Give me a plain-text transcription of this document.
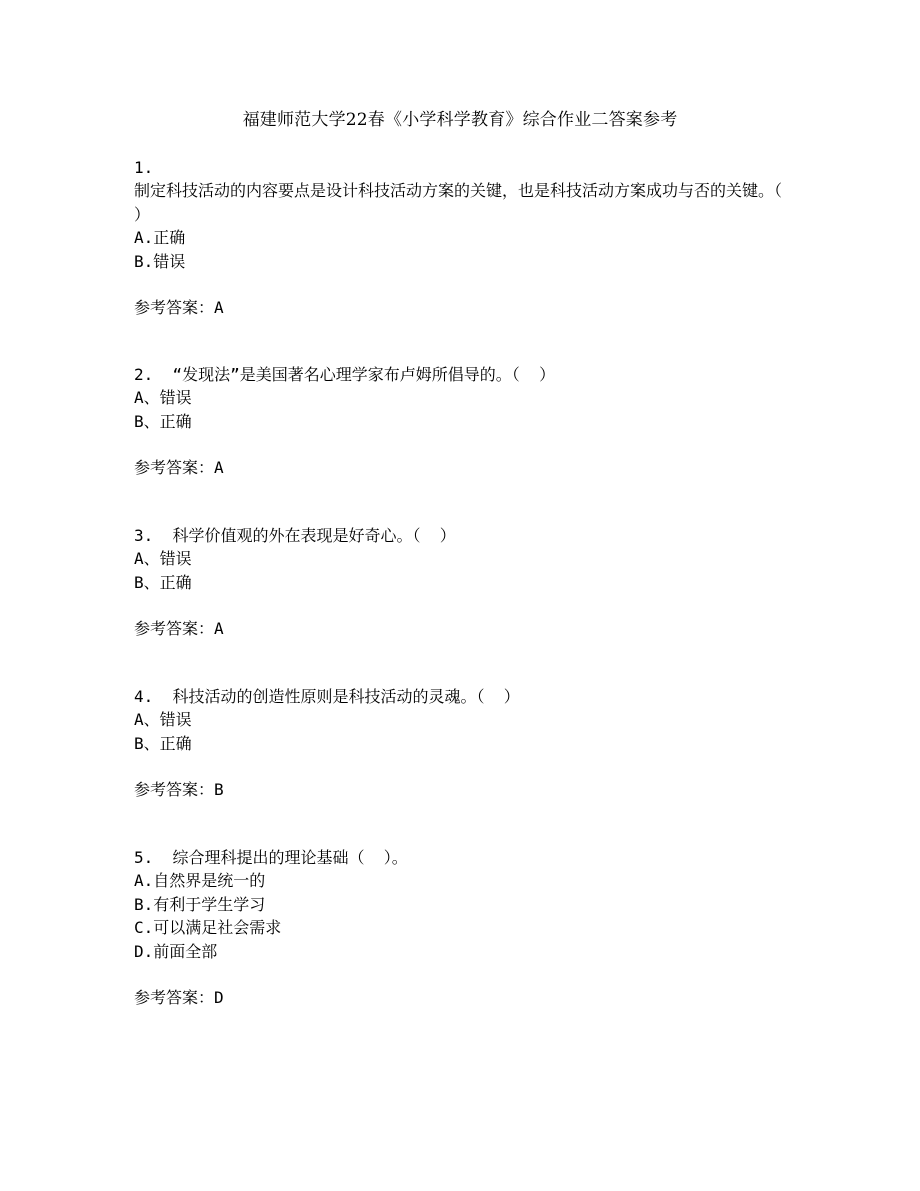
福建师范大学22春《小学科学教育》综合作业二答案参考
1.
制定科技活动的内容要点是设计科技活动方案的关键，也是科技活动方案成功与否的关键。（  ）
A.正确
B.错误
参考答案：A
2. “发现法”是美国著名心理学家布卢姆所倡导的。（  ）
A、错误
B、正确
参考答案：A
3. 科学价值观的外在表现是好奇心。（  ）
A、错误
B、正确
参考答案：A
4. 科技活动的创造性原则是科技活动的灵魂。（  ）
A、错误
B、正确
参考答案：B
5. 综合理科提出的理论基础（  ）。
A.自然界是统一的
B.有利于学生学习
C.可以满足社会需求
D.前面全部
参考答案：D
